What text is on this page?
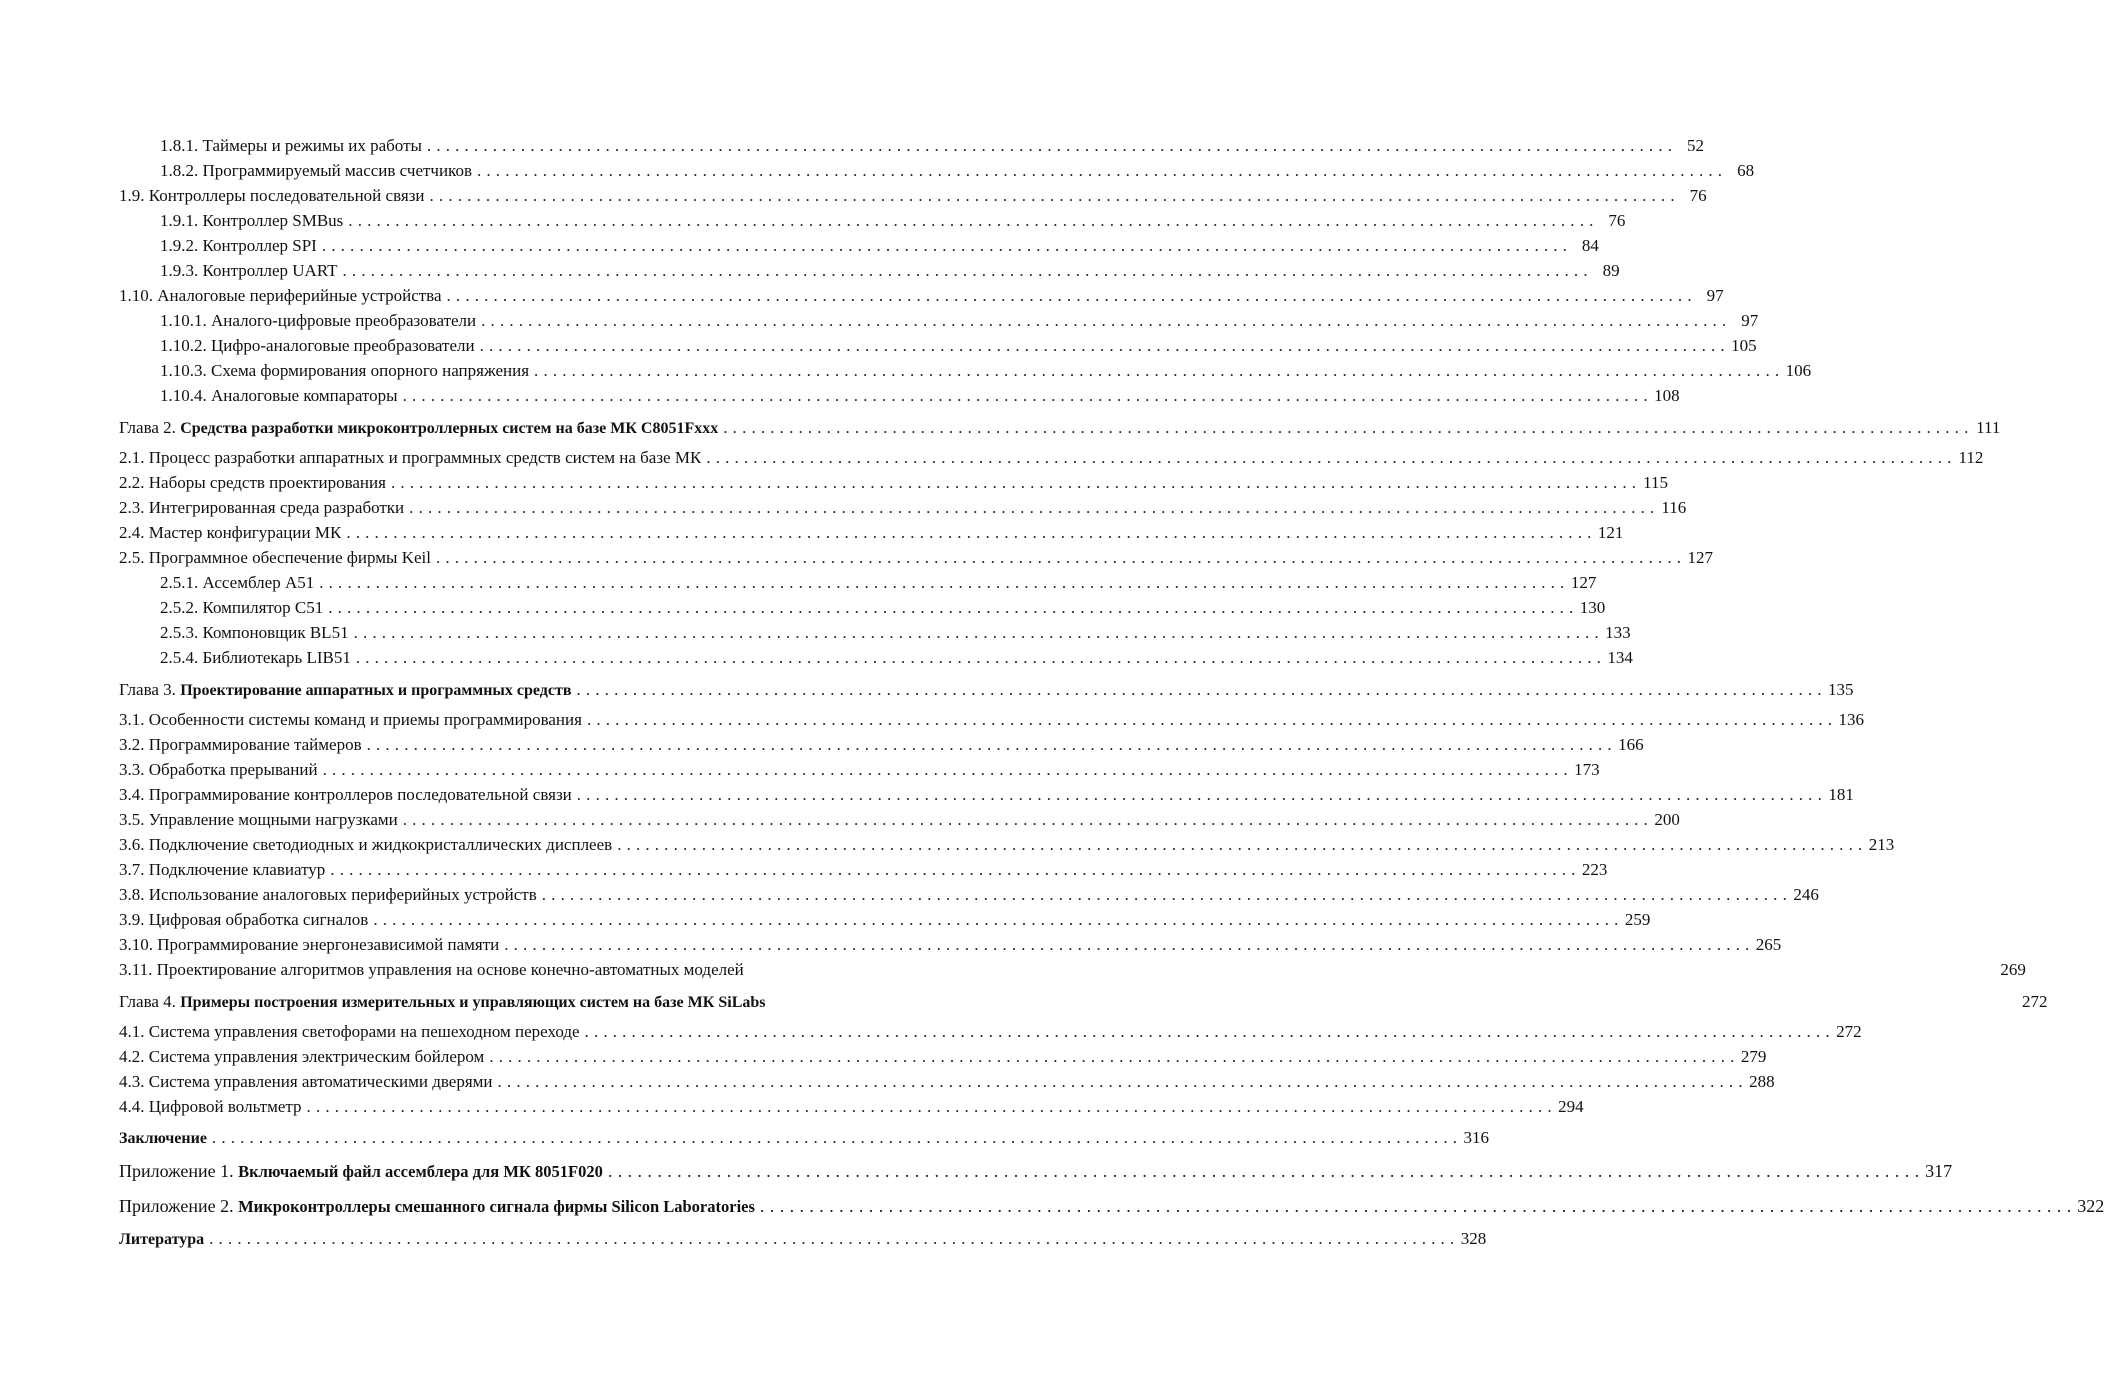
1.8.1. Таймеры и режимы их работы . . .	52
1.8.2. Программируемый массив счетчиков . . .	68
1.9. Контроллеры последовательной связи . . .	76
1.9.1. Контроллер SMBus . . .	76
1.9.2. Контроллер SPI . . .	84
1.9.3. Контроллер UART . . .	89
1.10. Аналоговые периферийные устройства . . .	97
1.10.1. Аналого-цифровые преобразователи . . .	97
1.10.2. Цифро-аналоговые преобразователи . . .	105
1.10.3. Схема формирования опорного напряжения . . .	106
1.10.4. Аналоговые компараторы . . .	108
Глава 2. Средства разработки микроконтроллерных систем на базе МК C8051Fxxx . . .	111
2.1. Процесс разработки аппаратных и программных средств систем на базе МК . . .	112
2.2. Наборы средств проектирования . . .	115
2.3. Интегрированная среда разработки . . .	116
2.4. Мастер конфигурации МК . . .	121
2.5. Программное обеспечение фирмы Keil . . .	127
2.5.1. Ассемблер A51 . . .	127
2.5.2. Компилятор C51 . . .	130
2.5.3. Компоновщик BL51 . . .	133
2.5.4. Библиотекарь LIB51 . . .	134
Глава 3. Проектирование аппаратных и программных средств . . .	135
3.1. Особенности системы команд и приемы программирования . . .	136
3.2. Программирование таймеров . . .	166
3.3. Обработка прерываний . . .	173
3.4. Программирование контроллеров последовательной связи . . .	181
3.5. Управление мощными нагрузками . . .	200
3.6. Подключение светодиодных и жидкокристаллических дисплеев . . .	213
3.7. Подключение клавиатур . . .	223
3.8. Использование аналоговых периферийных устройств . . .	246
3.9. Цифровая обработка сигналов . . .	259
3.10. Программирование энергонезависимой памяти . . .	265
3.11. Проектирование алгоритмов управления на основе конечно-автоматных моделей	269
Глава 4. Примеры построения измерительных и управляющих систем на базе МК SiLabs	272
4.1. Система управления светофорами на пешеходном переходе . . .	272
4.2. Система управления электрическим бойлером . . .	279
4.3. Система управления автоматическими дверями . . .	288
4.4. Цифровой вольтметр . . .	294
Заключение . . .	316
Приложение 1. Включаемый файл ассемблера для МК 8051F020 . . .	317
Приложение 2. Микроконтроллеры смешанного сигнала фирмы Silicon Laboratories . . .	322
Литература . . .	328
